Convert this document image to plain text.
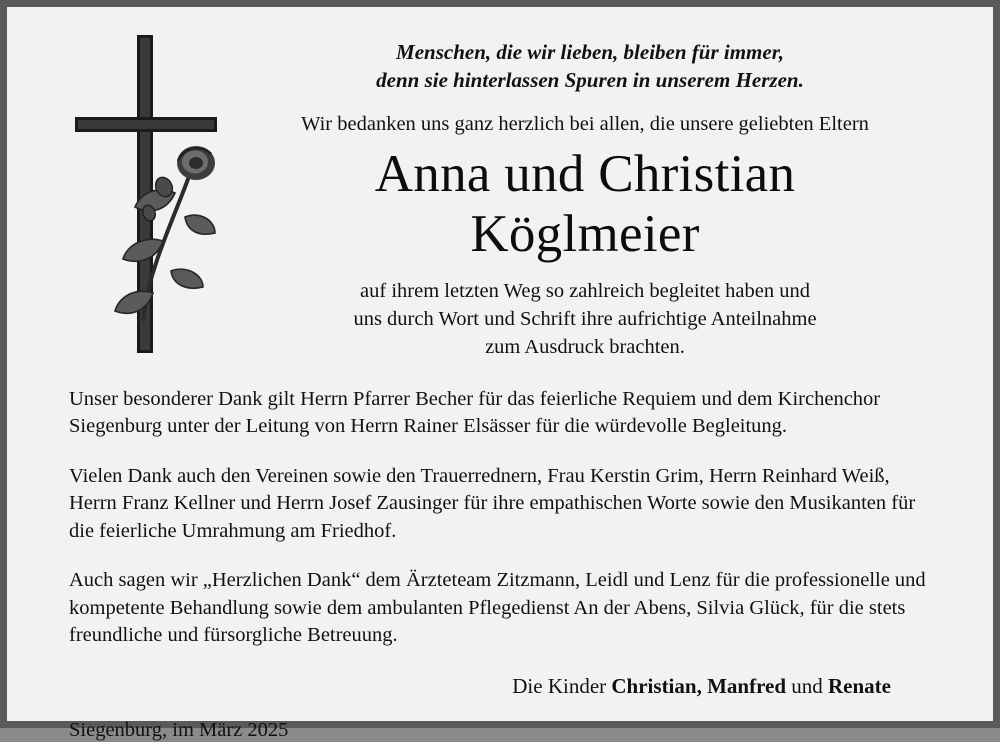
Menschen, die wir lieben, bleiben für immer,
denn sie hinterlassen Spuren in unserem Herzen.
Wir bedanken uns ganz herzlich bei allen, die unsere geliebten Eltern
Anna und Christian
Köglmeier
auf ihrem letzten Weg so zahlreich begleitet haben und
uns durch Wort und Schrift ihre aufrichtige Anteilnahme
zum Ausdruck brachten.

Unser besonderer Dank gilt Herrn Pfarrer Becher für das feierliche Requiem und dem Kirchenchor Siegenburg unter der Leitung von Herrn Rainer Elsässer für die würdevolle Begleitung.

Vielen Dank auch den Vereinen sowie den Trauerrednern, Frau Kerstin Grim, Herrn Reinhard Weiß, Herrn Franz Kellner und Herrn Josef Zausinger für ihre empathischen Worte sowie den Musikanten für die feierliche Umrahmung am Friedhof.

Auch sagen wir „Herzlichen Dank“ dem Ärzteteam Zitzmann, Leidl und Lenz für die professionelle und kompetente Behandlung sowie dem ambulanten Pflegedienst An der Abens, Silvia Glück, für die stets freundliche und fürsorgliche Betreuung.

Die Kinder Christian, Manfred und Renate
Siegenburg, im März 2025
